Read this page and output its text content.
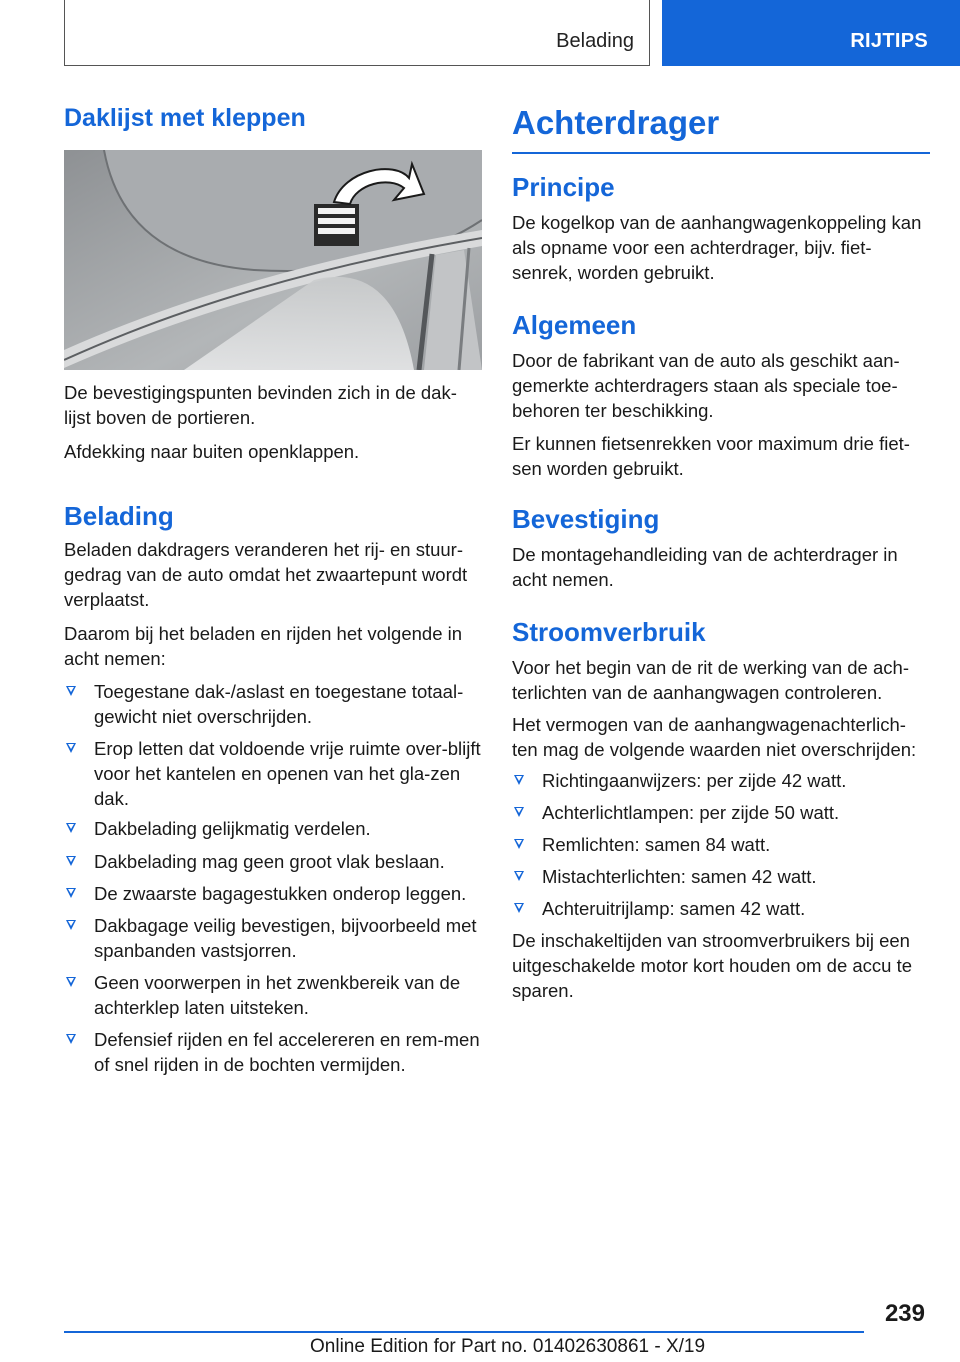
Belading	RIJTIPS
Daklijst met kleppen
De bevestigingspunten bevinden zich in de dak-lijst boven de portieren.
Afdekking naar buiten openklappen.
Belading
Beladen dakdragers veranderen het rij- en stuur-gedrag van de auto omdat het zwaartepunt wordt verplaatst.
Daarom bij het beladen en rijden het volgende in acht nemen:
Toegestane dak-/aslast en toegestane totaal-gewicht niet overschrijden.
Erop letten dat voldoende vrije ruimte over-blijft voor het kantelen en openen van het gla-zen dak.
Dakbelading gelijkmatig verdelen.
Dakbelading mag geen groot vlak beslaan.
De zwaarste bagagestukken onderop leggen.
Dakbagage veilig bevestigen, bijvoorbeeld met spanbanden vastsjorren.
Geen voorwerpen in het zwenkbereik van de achterklep laten uitsteken.
Defensief rijden en fel accelereren en rem-men of snel rijden in de bochten vermijden.
Achterdrager
Principe
De kogelkop van de aanhangwagenkoppeling kan als opname voor een achterdrager, bijv. fiet-senrek, worden gebruikt.
Algemeen
Door de fabrikant van de auto als geschikt aan-gemerkte achterdragers staan als speciale toe-behoren ter beschikking.
Er kunnen fietsenrekken voor maximum drie fiet-sen worden gebruikt.
Bevestiging
De montagehandleiding van de achterdrager in acht nemen.
Stroomverbruik
Voor het begin van de rit de werking van de ach-terlichten van de aanhangwagen controleren.
Het vermogen van de aanhangwagenachterlich-ten mag de volgende waarden niet overschrijden:
Richtingaanwijzers: per zijde 42 watt.
Achterlichtlampen: per zijde 50 watt.
Remlichten: samen 84 watt.
Mistachterlichten: samen 42 watt.
Achteruitrijlamp: samen 42 watt.
De inschakeltijden van stroomverbruikers bij een uitgeschakelde motor kort houden om de accu te sparen.
239
Online Edition for Part no. 01402630861 - X/19
